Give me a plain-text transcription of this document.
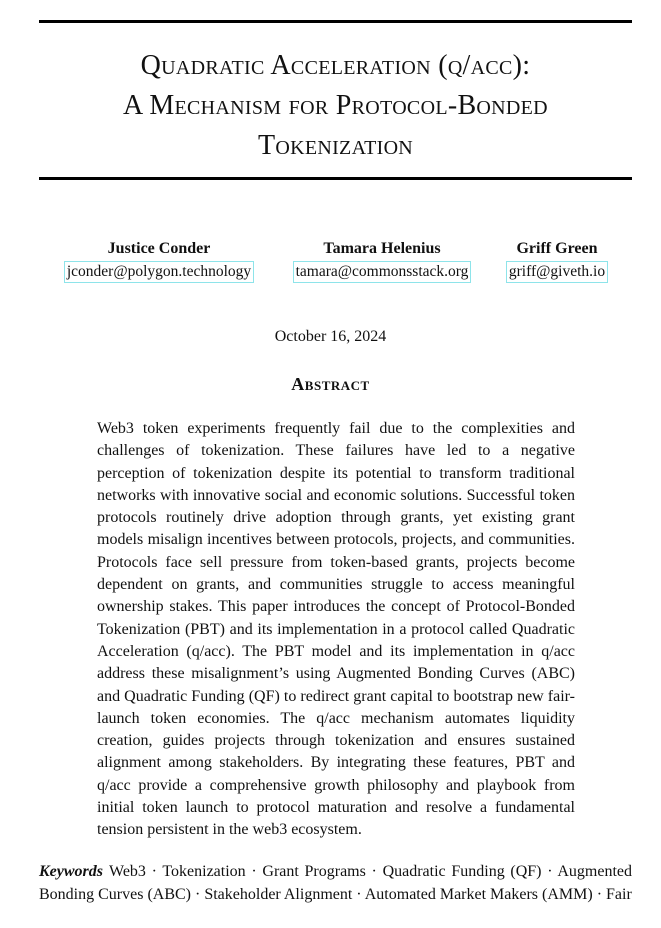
Quadratic Acceleration (q/acc):
A Mechanism for Protocol-Bonded
Tokenization
Justice Conder
jconder@polygon.technology
Tamara Helenius
tamara@commonsstack.org
Griff Green
griff@giveth.io
October 16, 2024
Abstract

Web3 token experiments frequently fail due to the complexities and challenges of tokenization. These failures have led to a negative perception of tokenization despite its potential to transform traditional networks with innovative social and economic solutions. Successful token protocols routinely drive adoption through grants, yet existing grant models misalign incentives between protocols, projects, and communities. Protocols face sell pressure from token-based grants, projects become dependent on grants, and communities struggle to access meaningful ownership stakes. This paper introduces the concept of Protocol-Bonded Tokenization (PBT) and its implementation in a protocol called Quadratic Acceleration (q/acc). The PBT model and its implementation in q/acc address these misalignment’s using Augmented Bonding Curves (ABC) and Quadratic Funding (QF) to redirect grant capital to bootstrap new fair-launch token economies. The q/acc mechanism automates liquidity creation, guides projects through tokenization and ensures sustained alignment among stakeholders. By integrating these features, PBT and q/acc provide a comprehensive growth philosophy and playbook from initial token launch to protocol maturation and resolve a fundamental tension persistent in the web3 ecosystem.

Keywords Web3 · Tokenization · Grant Programs · Quadratic Funding (QF) · Augmented Bonding Curves (ABC) · Stakeholder Alignment · Automated Market Makers (AMM) · Fair
